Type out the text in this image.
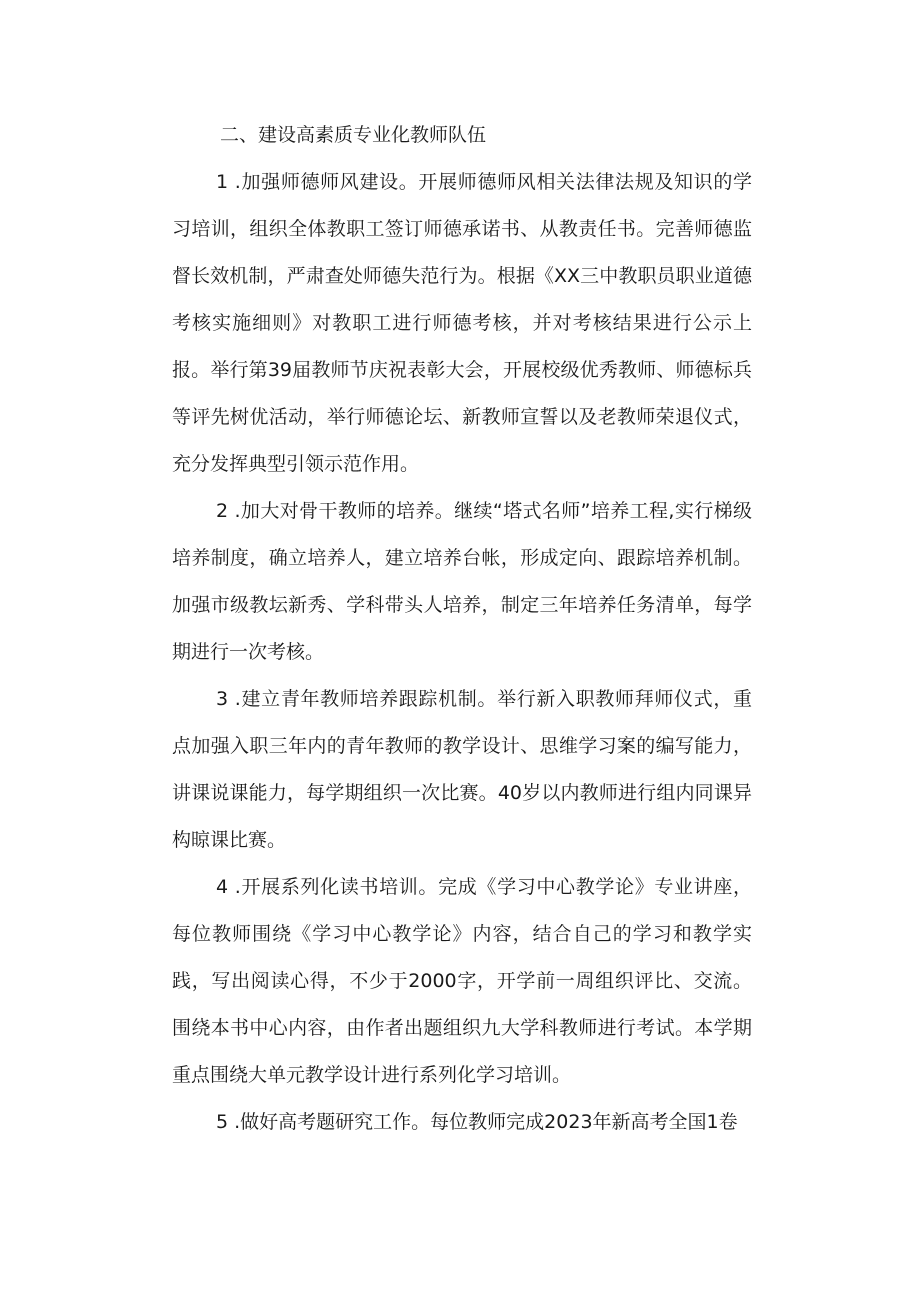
二、建设高素质专业化教师队伍

1 .加强师德师风建设。开展师德师风相关法律法规及知识的学习培训，组织全体教职工签订师德承诺书、从教责任书。完善师德监督长效机制，严肃查处师德失范行为。根据《XX三中教职员职业道德考核实施细则》对教职工进行师德考核，并对考核结果进行公示上报。举行第39届教师节庆祝表彰大会，开展校级优秀教师、师德标兵等评先树优活动，举行师德论坛、新教师宣誓以及老教师荣退仪式，充分发挥典型引领示范作用。

2 .加大对骨干教师的培养。继续“塔式名师”培养工程,实行梯级培养制度，确立培养人，建立培养台帐，形成定向、跟踪培养机制。加强市级教坛新秀、学科带头人培养，制定三年培养任务清单，每学期进行一次考核。

3 .建立青年教师培养跟踪机制。举行新入职教师拜师仪式，重点加强入职三年内的青年教师的教学设计、思维学习案的编写能力，讲课说课能力，每学期组织一次比赛。40岁以内教师进行组内同课异构晾课比赛。

4 .开展系列化读书培训。完成《学习中心教学论》专业讲座，每位教师围绕《学习中心教学论》内容，结合自己的学习和教学实践，写出阅读心得，不少于2000字，开学前一周组织评比、交流。围绕本书中心内容，由作者出题组织九大学科教师进行考试。本学期重点围绕大单元教学设计进行系列化学习培训。

5 .做好高考题研究工作。每位教师完成2023年新高考全国1卷
